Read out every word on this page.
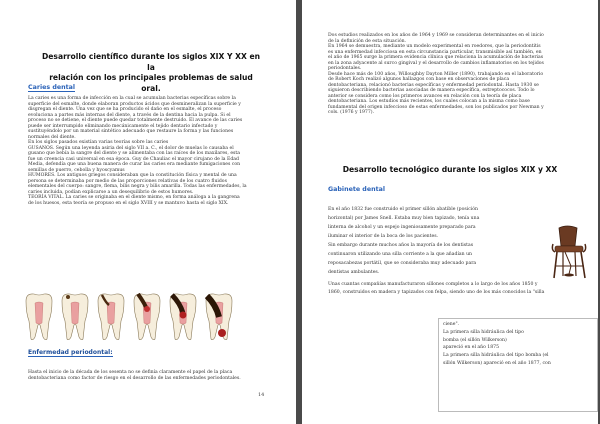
Desarrollo científico durante los siglos XIX Y XX en la
relación con los principales problemas de salud oral.
Caries dental

La caries es una forma de infección en la cual se acumulan bacterias específicas sobre la

superficie del esmalte, donde elaboran productos ácidos que desmineralizan la superficie y

disgregan el diente. Una vez que se ha producido el daño en el esmalte, el proceso

evoluciona a partes más internas del diente, a través de la dentina hacia la pulpa. Si el

proceso no se detiene, el diente puede quedar totalmente destruido. El avance de las caries

puede ser interrumpido eliminando mecánicamente el tejido dentario infectado y

sustituyéndolo por un material sintético adecuado que restaure la forma y las funciones

normales del diente.

En los siglos pasados existían varias teorías sobre las caries

GUSANOS. Según una leyenda asiria del siglo VII a. C., el dolor de muelas lo causaba el

gusano que bebía la sangre del diente y se alimentaba con las raíces de los maxilares, esta

fue un creencia casi universal en esa época. Guy de Chauliac el mayor cirujano de la Edad

Media, defendía que una buena manera de curar las caries era mediante fumigaciones con

semillas de puerro, cebolla y hyoscyamus

HUMORES. Los antiguos griegos consideraban que la constitución física y mental de una

persona se determinaba por medio de las proporciones relativas de los cuatro fluidos

elementales del cuerpo: sangre, flema, bilis negra y bilis amarilla. Todas las enfermedades, la

caries incluida, podían explicarse a un desequilibrio de estos humores.

TEORÍA VITAL. La caries se originaba en el diente mismo, en forma análoga a la gangrena

de los huesos, esta teoría se propuso en el siglo XVIII y se mantuvo hasta el siglo XIX.

Enfermedad periodontal:

Hasta el inicio de la década de los sesenta no se definía claramente el papel de la placa

dentobacteriana como factor de riesgo en el desarrollo de las enfermedades periodontales.

14

Dos estudios realizados en los años de 1964 y 1969 se consideran determinantes en el inicio

de la definición de esta situación.

En 1964 se demuestra, mediante un modelo experimental en roedores, que la periodontitis

es una enfermedad infecciosa en esta circunstancia particular, transmisible así también, en

el año de 1965 surge la primera evidencia clínica que relaciona la acumulación de bacterias

en la zona adyacente al surco gingival y el desarrollo de cambios inflamatorios en los tejidos

periodontales.

Desde hace más de 100 años, Willoughby Dayton Miller (1890), trabajando en el laboratorio

de Robert Koch realizó algunos hallazgos con base en observaciones de placa

dentobacteriana, relacionó bacterias específicas y enfermedad periodontal. Hasta 1930 se

siguieron describiendo bacterias asociadas de manera específica, estreptococos. Todo lo

anterior se considera como los primeros avances en relación con la teoría de placa

dentobacteriana. Los estudios más recientes, los cuales colocan a la misma como base

fundamental del origen infeccioso de estas enfermedades, son los publicados por Newman y

cols. (1976 y 1977).

Desarrollo tecnológico durante los siglos XIX y XX
Gabinete dental

En el año 1832 fue construido el primer sillón abatible (posición

horizontal) por James Snell. Estaba muy bien tapizado, tenía una

linterna de alcohol y un espejo ingeniosamente preparado para

iluminar el interior de la boca de los pacientes.

Sin embargo durante muchos años la mayoría de los dentistas

continuaron utilizando una silla corriente a la que añadían un

reposacabezas portátil, que se consideraba muy adecuado para

dentistas ambulantes.

Unas cuantas compañías manufacturaron sillones completos a lo largo de los años 1850 y

1860, construidos en madera y tapizados con felpa, siendo uno de los más conocidos la "silla

ciene".

La primera silla hidráulica del tipo

bomba (el sillón Wilkerson)

apareció en el año 1875

La primera silla hidráulica del tipo bomba (el

sillón Wilkerson) apareció en el año 1877, con
